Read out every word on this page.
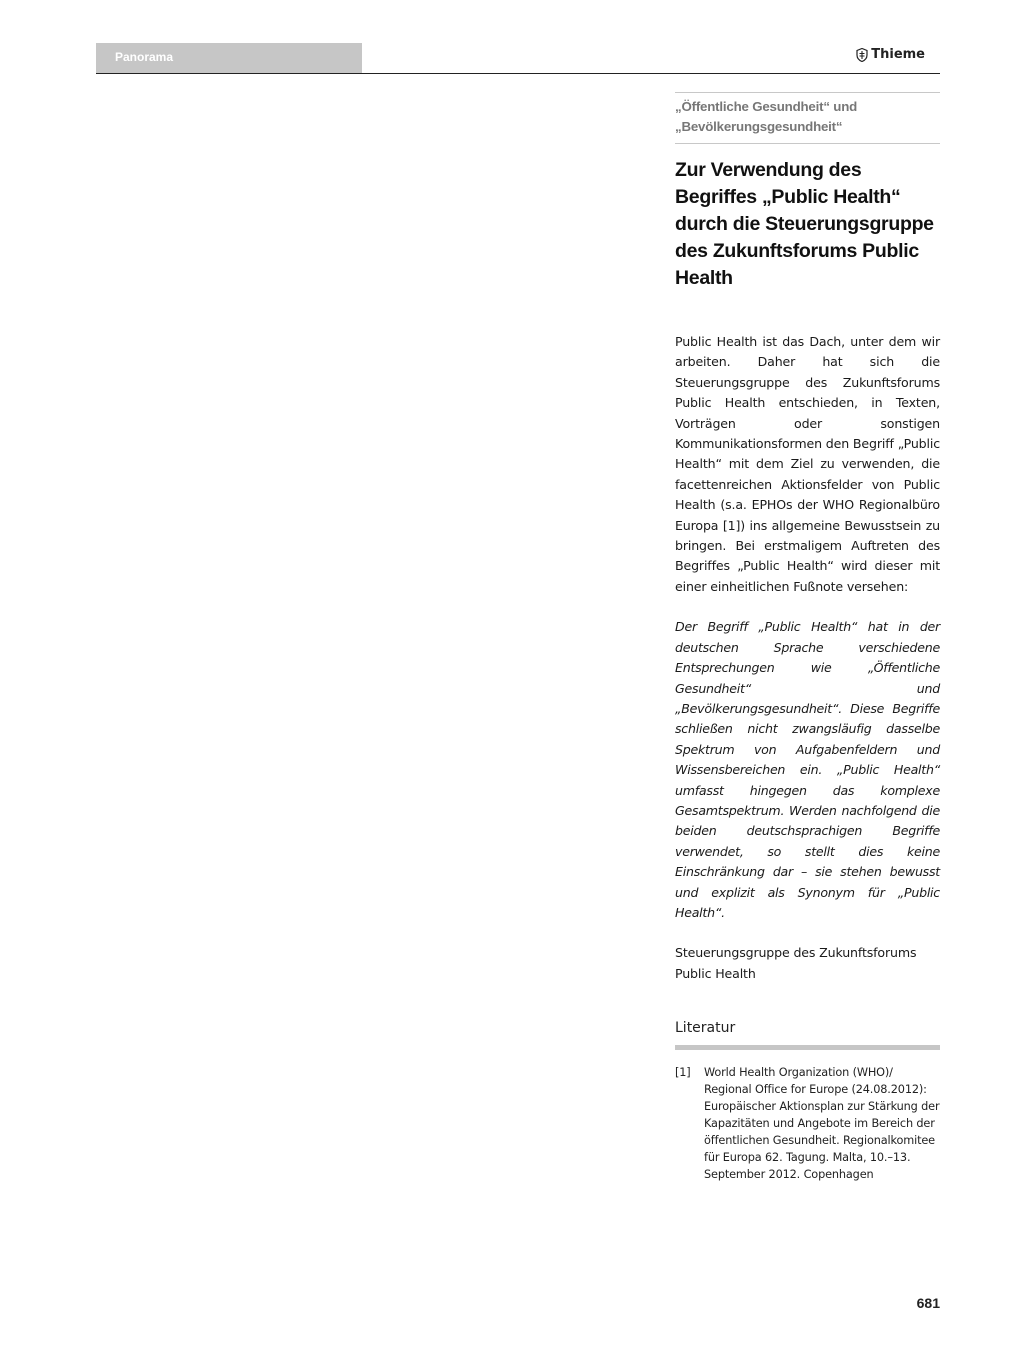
Panorama	Thieme
„Öffentliche Gesundheit“ und „Bevölkerungsgesundheit“
Zur Verwendung des Begriffes „Public Health“ durch die Steuerungsgruppe des Zukunftsforums Public Health

Public Health ist das Dach, unter dem wir arbeiten. Daher hat sich die Steuerungsgruppe des Zukunftsforums Public Health entschieden, in Texten, Vorträgen oder sonstigen Kommunikationsformen den Begriff „Public Health“ mit dem Ziel zu verwenden, die facettenreichen Aktionsfelder von Public Health (s.a. EPHOs der WHO Regionalbüro Europa [1]) ins allgemeine Bewusstsein zu bringen. Bei erstmaligem Auftreten des Begriffes „Public Health“ wird dieser mit einer einheitlichen Fußnote versehen:

Der Begriff „Public Health“ hat in der deutschen Sprache verschiedene Entsprechungen wie „Öffentliche Gesundheit“ und „Bevölkerungsgesundheit“. Diese Begriffe schließen nicht zwangsläufig dasselbe Spektrum von Aufgabenfeldern und Wissensbereichen ein. „Public Health“ umfasst hingegen das komplexe Gesamtspektrum. Werden nachfolgend die beiden deutschsprachigen Begriffe verwendet, so stellt dies keine Einschränkung dar – sie stehen bewusst und explizit als Synonym für „Public Health“.

Steuerungsgruppe des Zukunftsforums Public Health

Literatur
[1]	World Health Organization (WHO)/ Regional Office for Europe (24.08.2012): Europäischer Aktionsplan zur Stärkung der Kapazitäten und Angebote im Bereich der öffentlichen Gesundheit. Regionalkomitee für Europa 62. Tagung. Malta, 10.–13. September 2012. Copenhagen
681
